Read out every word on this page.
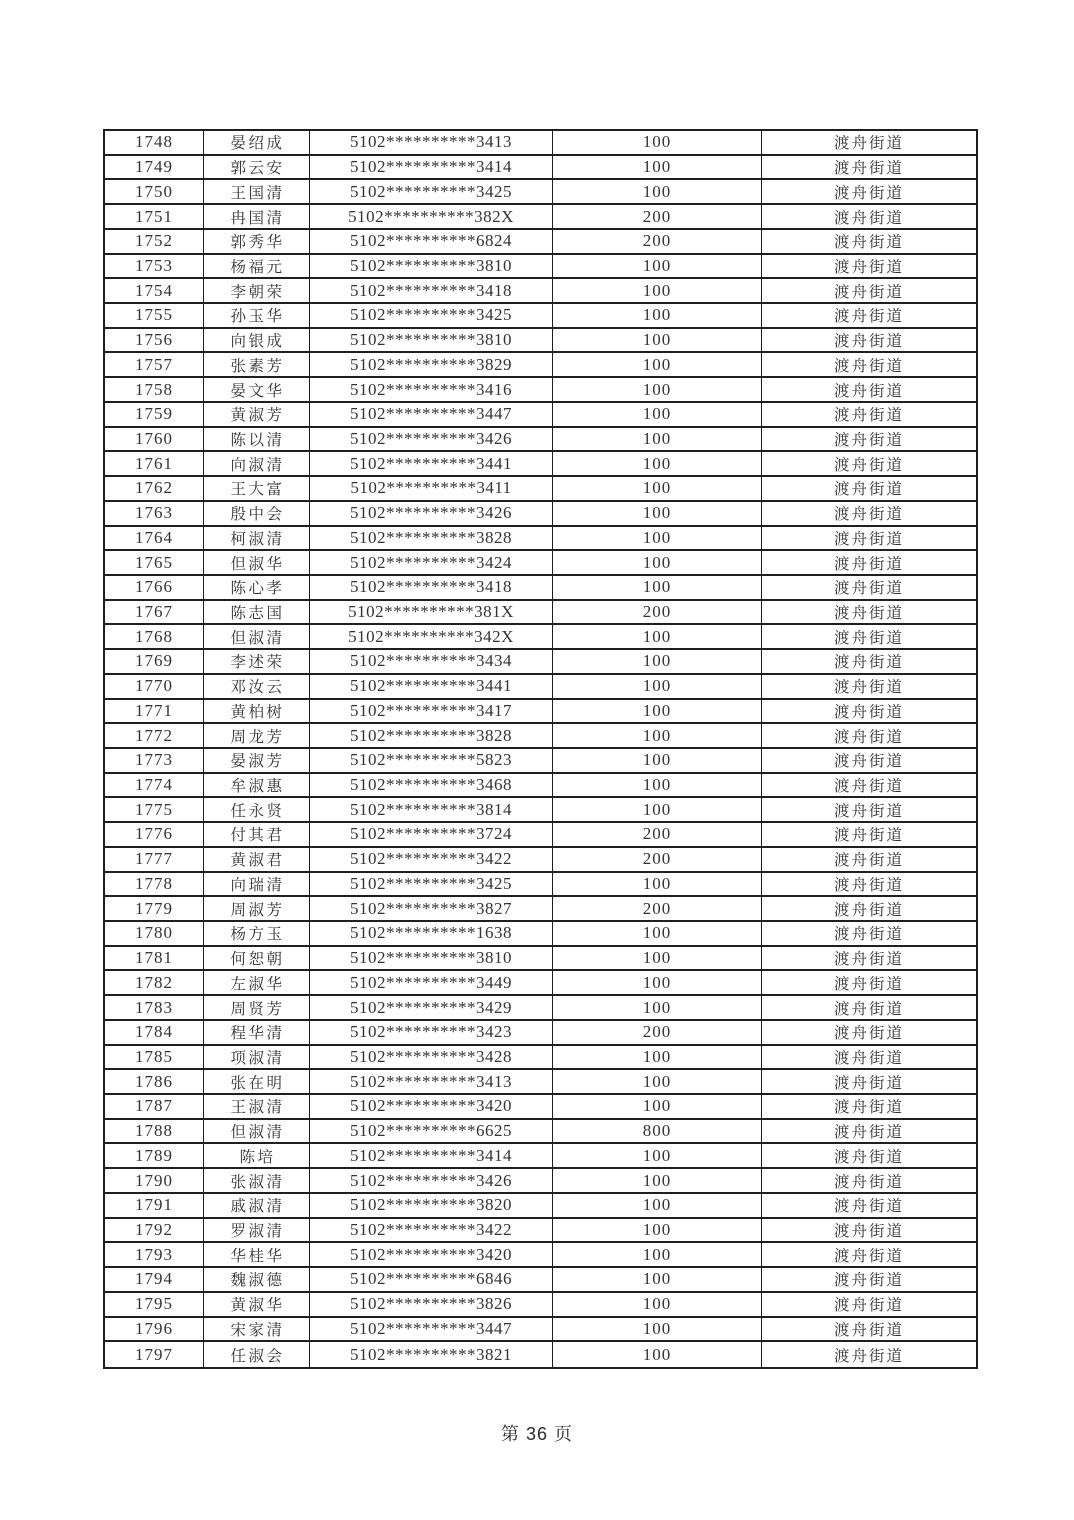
1748	晏绍成	5102**********3413	100	渡舟街道
1749	郭云安	5102**********3414	100	渡舟街道
1750	王国清	5102**********3425	100	渡舟街道
1751	冉国清	5102**********382X	200	渡舟街道
1752	郭秀华	5102**********6824	200	渡舟街道
1753	杨福元	5102**********3810	100	渡舟街道
1754	李朝荣	5102**********3418	100	渡舟街道
1755	孙玉华	5102**********3425	100	渡舟街道
1756	向银成	5102**********3810	100	渡舟街道
1757	张素芳	5102**********3829	100	渡舟街道
1758	晏文华	5102**********3416	100	渡舟街道
1759	黄淑芳	5102**********3447	100	渡舟街道
1760	陈以清	5102**********3426	100	渡舟街道
1761	向淑清	5102**********3441	100	渡舟街道
1762	王大富	5102**********3411	100	渡舟街道
1763	殷中会	5102**********3426	100	渡舟街道
1764	柯淑清	5102**********3828	100	渡舟街道
1765	但淑华	5102**********3424	100	渡舟街道
1766	陈心孝	5102**********3418	100	渡舟街道
1767	陈志国	5102**********381X	200	渡舟街道
1768	但淑清	5102**********342X	100	渡舟街道
1769	李述荣	5102**********3434	100	渡舟街道
1770	邓汝云	5102**********3441	100	渡舟街道
1771	黄柏树	5102**********3417	100	渡舟街道
1772	周龙芳	5102**********3828	100	渡舟街道
1773	晏淑芳	5102**********5823	100	渡舟街道
1774	牟淑惠	5102**********3468	100	渡舟街道
1775	任永贤	5102**********3814	100	渡舟街道
1776	付其君	5102**********3724	200	渡舟街道
1777	黄淑君	5102**********3422	200	渡舟街道
1778	向瑞清	5102**********3425	100	渡舟街道
1779	周淑芳	5102**********3827	200	渡舟街道
1780	杨方玉	5102**********1638	100	渡舟街道
1781	何恕朝	5102**********3810	100	渡舟街道
1782	左淑华	5102**********3449	100	渡舟街道
1783	周贤芳	5102**********3429	100	渡舟街道
1784	程华清	5102**********3423	200	渡舟街道
1785	项淑清	5102**********3428	100	渡舟街道
1786	张在明	5102**********3413	100	渡舟街道
1787	王淑清	5102**********3420	100	渡舟街道
1788	但淑清	5102**********6625	800	渡舟街道
1789	陈培	5102**********3414	100	渡舟街道
1790	张淑清	5102**********3426	100	渡舟街道
1791	戚淑清	5102**********3820	100	渡舟街道
1792	罗淑清	5102**********3422	100	渡舟街道
1793	华桂华	5102**********3420	100	渡舟街道
1794	魏淑德	5102**********6846	100	渡舟街道
1795	黄淑华	5102**********3826	100	渡舟街道
1796	宋家清	5102**********3447	100	渡舟街道
1797	任淑会	5102**********3821	100	渡舟街道
第 36 页
